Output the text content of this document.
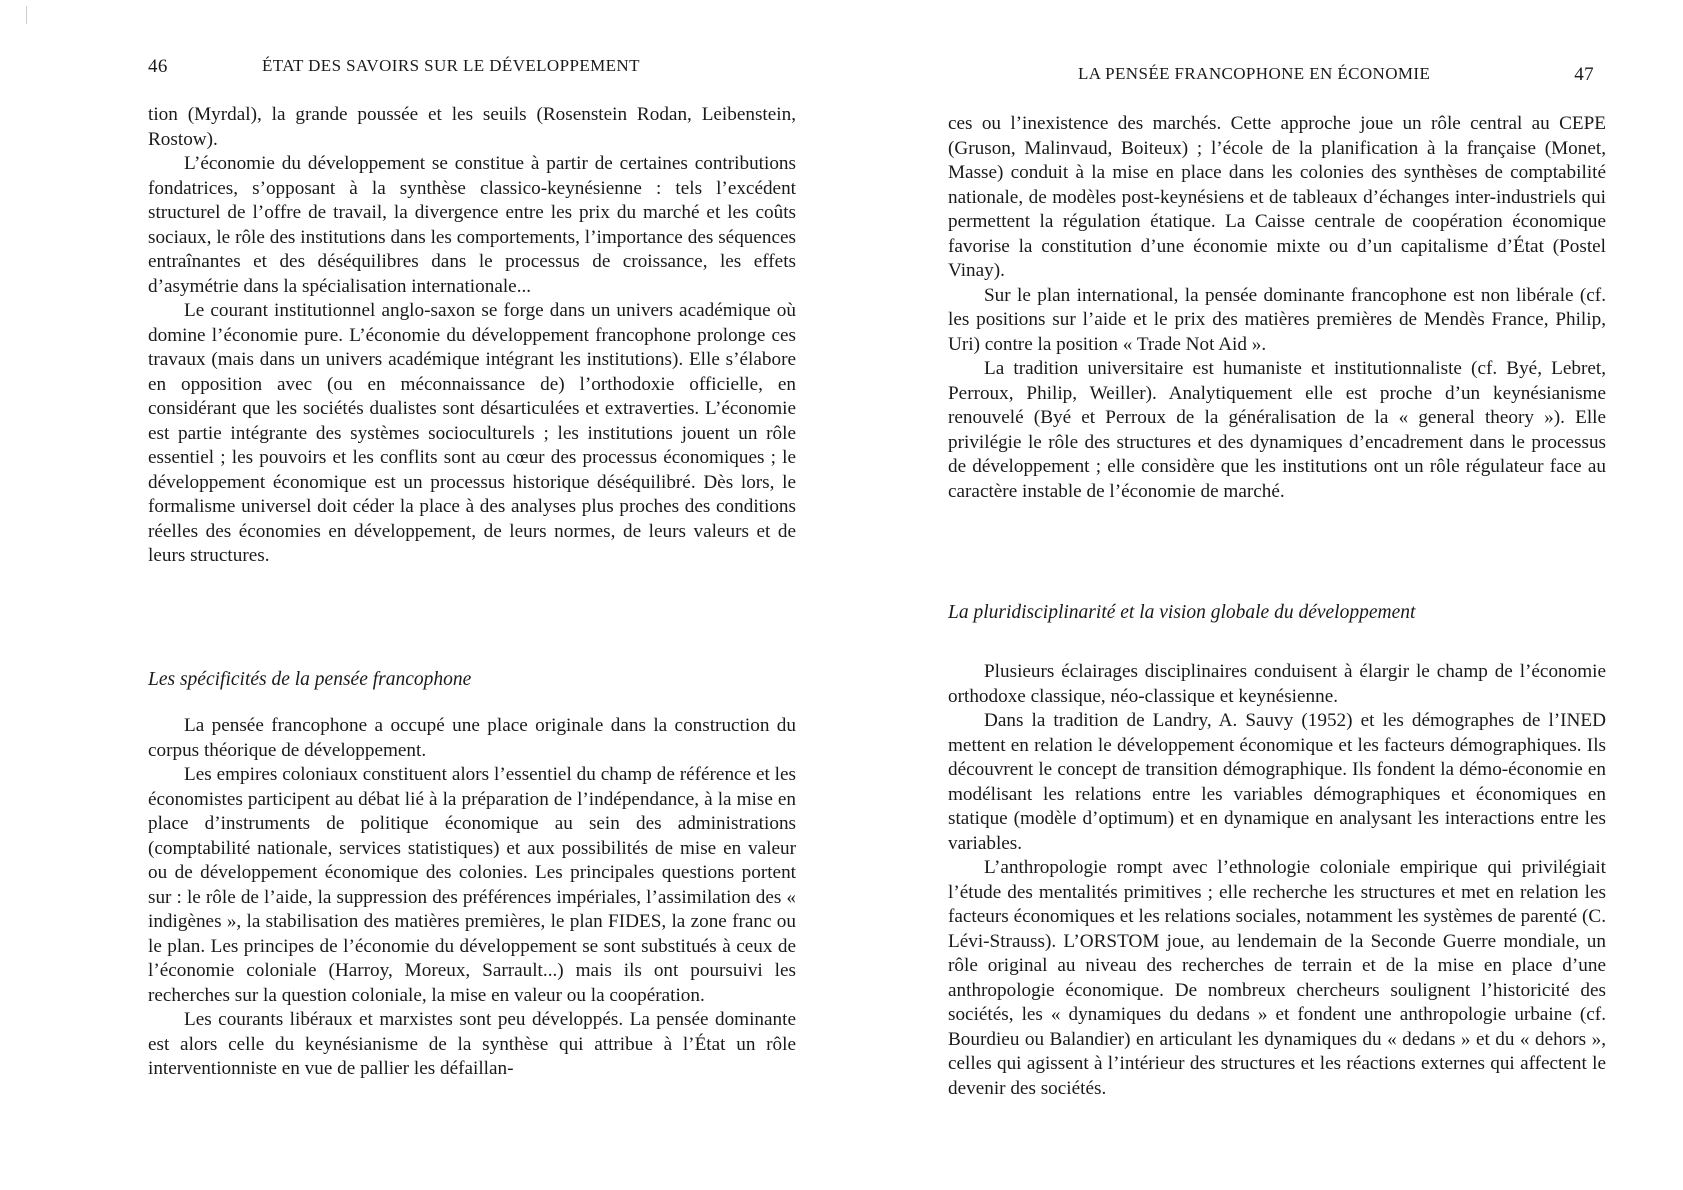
46	ÉTAT DES SAVOIRS SUR LE DÉVELOPPEMENT

tion (Myrdal), la grande poussée et les seuils (Rosenstein Rodan, Leibenstein, Rostow).

L’économie du développement se constitue à partir de certaines contributions fondatrices, s’opposant à la synthèse classico-keynésienne : tels l’excédent structurel de l’offre de travail, la divergence entre les prix du marché et les coûts sociaux, le rôle des institutions dans les comportements, l’importance des séquences entraînantes et des déséquilibres dans le processus de croissance, les effets d’asymétrie dans la spécialisation internationale...

Le courant institutionnel anglo-saxon se forge dans un univers académique où domine l’économie pure. L’économie du développement francophone prolonge ces travaux (mais dans un univers académique intégrant les institutions). Elle s’élabore en opposition avec (ou en méconnaissance de) l’orthodoxie officielle, en considérant que les sociétés dualistes sont désarticulées et extraverties. L’économie est partie intégrante des systèmes socioculturels ; les institutions jouent un rôle essentiel ; les pouvoirs et les conflits sont au cœur des processus économiques ; le développement économique est un processus historique déséquilibré. Dès lors, le formalisme universel doit céder la place à des analyses plus proches des conditions réelles des économies en développement, de leurs normes, de leurs valeurs et de leurs structures.

Les spécificités de la pensée francophone

La pensée francophone a occupé une place originale dans la construction du corpus théorique de développement.

Les empires coloniaux constituent alors l’essentiel du champ de référence et les économistes participent au débat lié à la préparation de l’indépendance, à la mise en place d’instruments de politique économique au sein des administrations (comptabilité nationale, services statistiques) et aux possibilités de mise en valeur ou de développement économique des colonies. Les principales questions portent sur : le rôle de l’aide, la suppression des préférences impériales, l’assimilation des « indigènes », la stabilisation des matières premières, le plan FIDES, la zone franc ou le plan. Les principes de l’économie du développement se sont substitués à ceux de l’économie coloniale (Harroy, Moreux, Sarrault...) mais ils ont poursuivi les recherches sur la question coloniale, la mise en valeur ou la coopération.

Les courants libéraux et marxistes sont peu développés. La pensée dominante est alors celle du keynésianisme de la synthèse qui attribue à l’État un rôle interventionniste en vue de pallier les défaillan-

LA PENSÉE FRANCOPHONE EN ÉCONOMIE	47

ces ou l’inexistence des marchés. Cette approche joue un rôle central au CEPE (Gruson, Malinvaud, Boiteux) ; l’école de la planification à la française (Monet, Masse) conduit à la mise en place dans les colonies des synthèses de comptabilité nationale, de modèles post-keynésiens et de tableaux d’échanges inter-industriels qui permettent la régulation étatique. La Caisse centrale de coopération économique favorise la constitution d’une économie mixte ou d’un capitalisme d’État (Postel Vinay).

Sur le plan international, la pensée dominante francophone est non libérale (cf. les positions sur l’aide et le prix des matières premières de Mendès France, Philip, Uri) contre la position « Trade Not Aid ».

La tradition universitaire est humaniste et institutionnaliste (cf. Byé, Lebret, Perroux, Philip, Weiller). Analytiquement elle est proche d’un keynésianisme renouvelé (Byé et Perroux de la généralisation de la « general theory »). Elle privilégie le rôle des structures et des dynamiques d’encadrement dans le processus de développement ; elle considère que les institutions ont un rôle régulateur face au caractère instable de l’économie de marché.

La pluridisciplinarité et la vision globale du développement

Plusieurs éclairages disciplinaires conduisent à élargir le champ de l’économie orthodoxe classique, néo-classique et keynésienne.

Dans la tradition de Landry, A. Sauvy (1952) et les démographes de l’INED mettent en relation le développement économique et les facteurs démographiques. Ils découvrent le concept de transition démographique. Ils fondent la démo-économie en modélisant les relations entre les variables démographiques et économiques en statique (modèle d’optimum) et en dynamique en analysant les interactions entre les variables.

L’anthropologie rompt avec l’ethnologie coloniale empirique qui privilégiait l’étude des mentalités primitives ; elle recherche les structures et met en relation les facteurs économiques et les relations sociales, notamment les systèmes de parenté (C. Lévi-Strauss). L’ORSTOM joue, au lendemain de la Seconde Guerre mondiale, un rôle original au niveau des recherches de terrain et de la mise en place d’une anthropologie économique. De nombreux chercheurs soulignent l’historicité des sociétés, les « dynamiques du dedans » et fondent une anthropologie urbaine (cf. Bourdieu ou Balandier) en articulant les dynamiques du « dedans » et du « dehors », celles qui agissent à l’intérieur des structures et les réactions externes qui affectent le devenir des sociétés.
